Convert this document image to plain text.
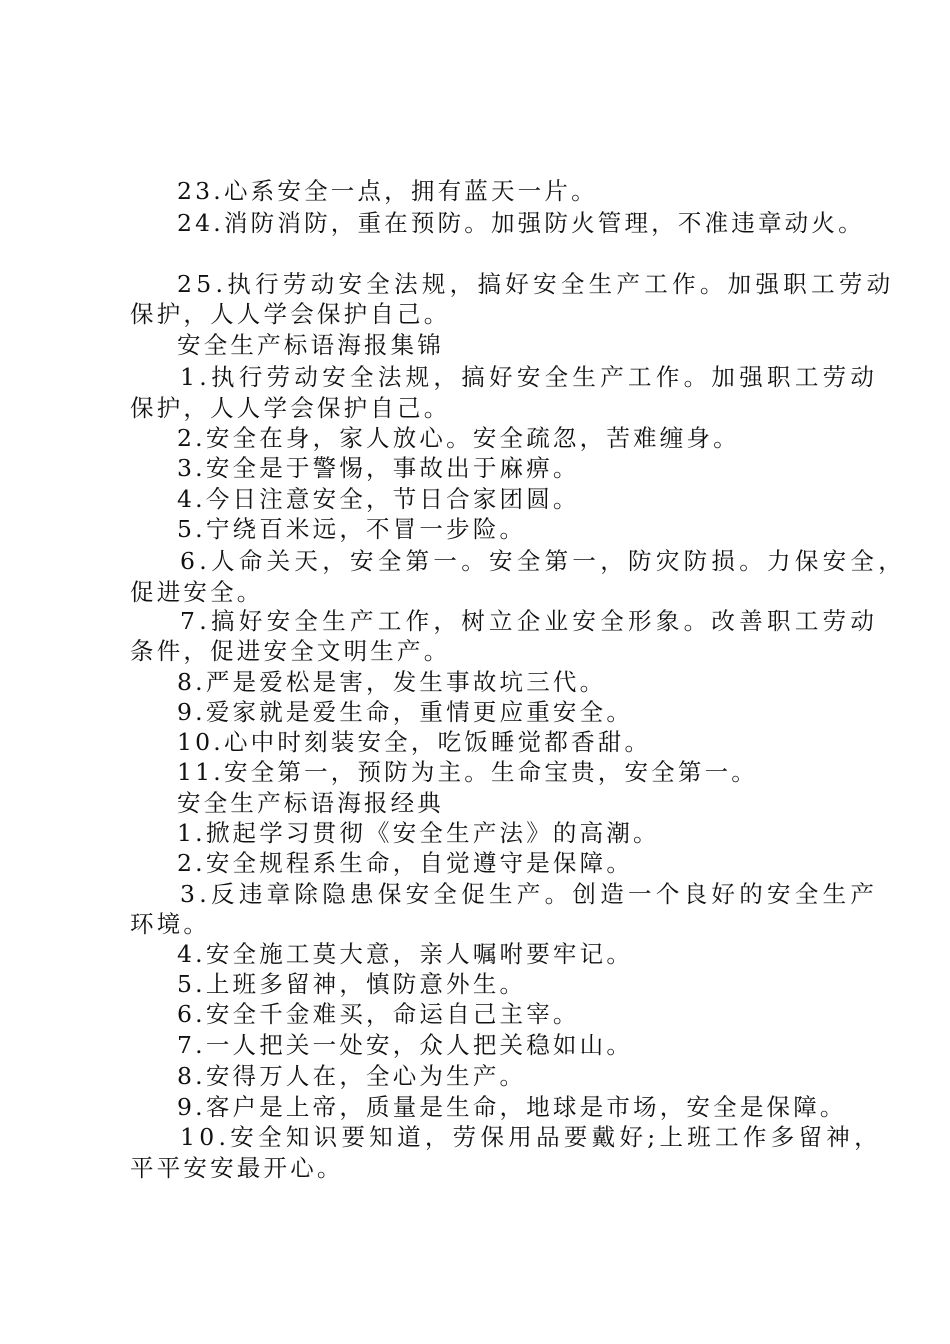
23.心系安全一点，拥有蓝天一片。
24.消防消防，重在预防。加强防火管理，不准违章动火。
25.执行劳动安全法规，搞好安全生产工作。加强职工劳动
保护，人人学会保护自己。
安全生产标语海报集锦
1.执行劳动安全法规，搞好安全生产工作。加强职工劳动
保护，人人学会保护自己。
2.安全在身，家人放心。安全疏忽，苦难缠身。
3.安全是于警惕，事故出于麻痹。
4.今日注意安全，节日合家团圆。
5.宁绕百米远，不冒一步险。
6.人命关天，安全第一。安全第一，防灾防损。力保安全，
促进安全。
7.搞好安全生产工作，树立企业安全形象。改善职工劳动
条件，促进安全文明生产。
8.严是爱松是害，发生事故坑三代。
9.爱家就是爱生命，重情更应重安全。
10.心中时刻装安全，吃饭睡觉都香甜。
11.安全第一，预防为主。生命宝贵，安全第一。
安全生产标语海报经典
1.掀起学习贯彻《安全生产法》的高潮。
2.安全规程系生命，自觉遵守是保障。
3.反违章除隐患保安全促生产。创造一个良好的安全生产
环境。
4.安全施工莫大意，亲人嘱咐要牢记。
5.上班多留神，慎防意外生。
6.安全千金难买，命运自己主宰。
7.一人把关一处安，众人把关稳如山。
8.安得万人在，全心为生产。
9.客户是上帝，质量是生命，地球是市场，安全是保障。
10.安全知识要知道，劳保用品要戴好;上班工作多留神，
平平安安最开心。
